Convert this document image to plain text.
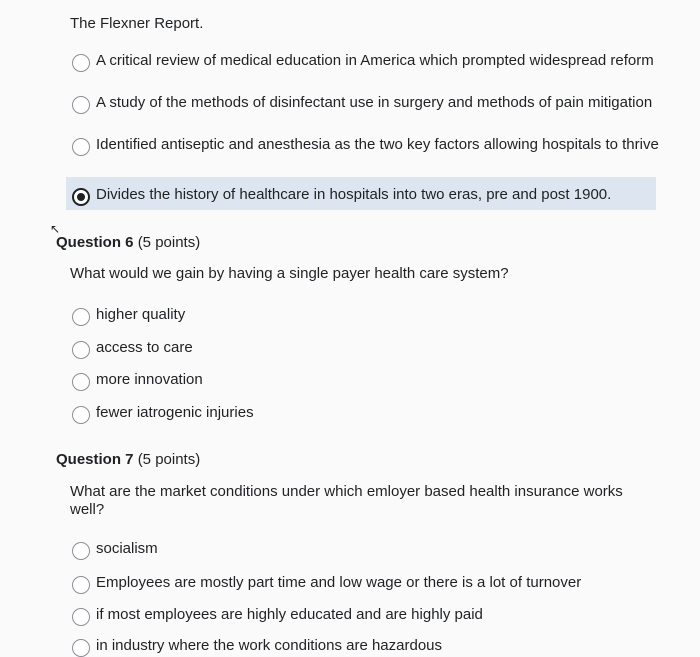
The Flexner Report.
A critical review of medical education in America which prompted widespread reform
A study of the methods of disinfectant use in surgery and methods of pain mitigation
Identified antiseptic and anesthesia as the two key factors allowing hospitals to thrive
Divides the history of healthcare in hospitals into two eras, pre and post 1900.
↖
Question 6 (5 points)
What would we gain by having a single payer health care system?
higher quality
access to care
more innovation
fewer iatrogenic injuries
Question 7 (5 points)
What are the market conditions under which emloyer based health insurance works well?
socialism
Employees are mostly part time and low wage or there is a lot of turnover
if most employees are highly educated and are highly paid
in industry where the work conditions are hazardous
